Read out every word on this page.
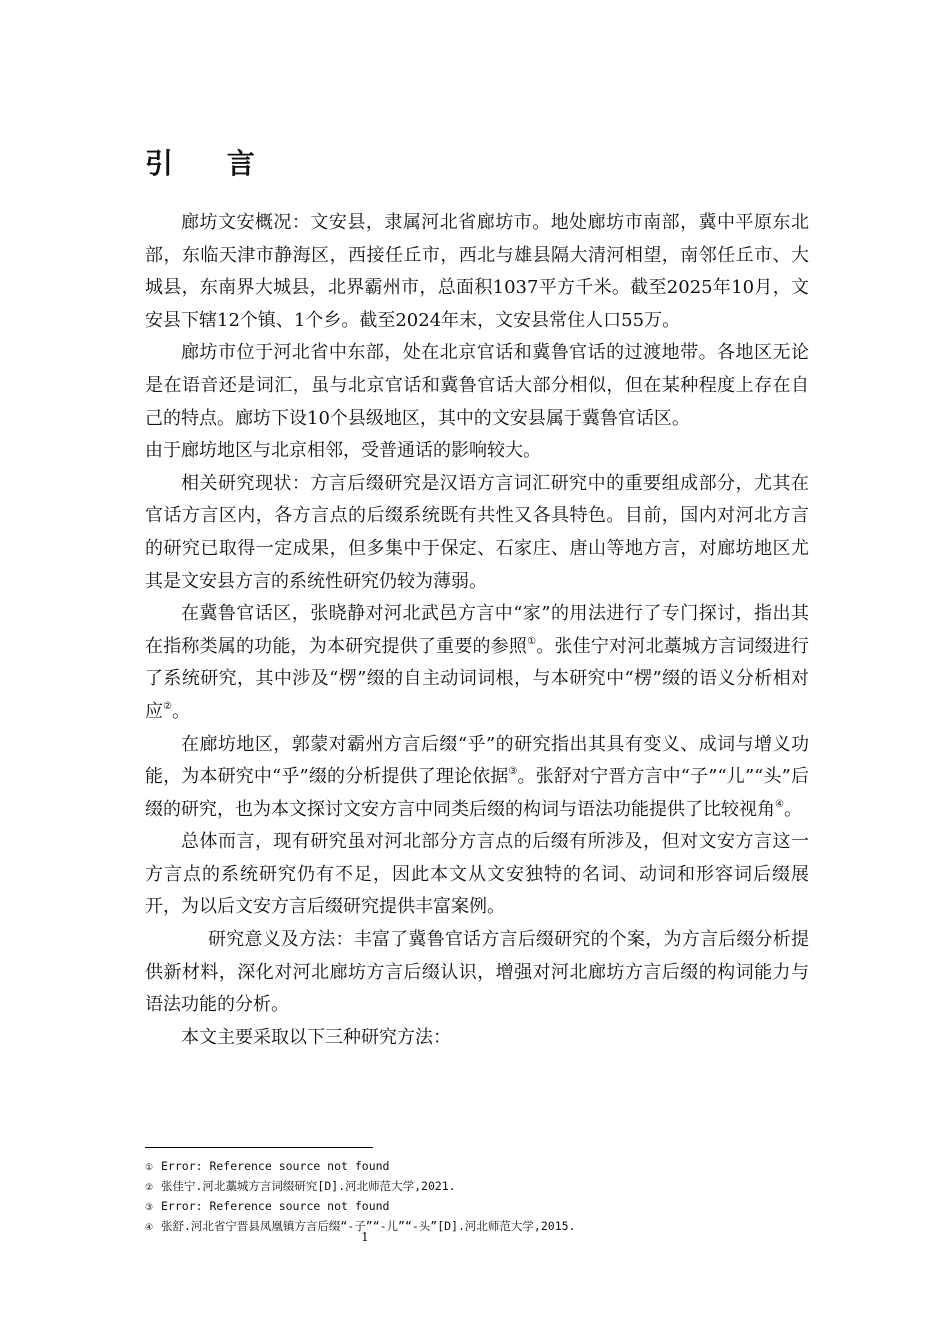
引 言

廊坊文安概况：文安县，隶属河北省廊坊市。地处廊坊市南部，冀中平原东北部，东临天津市静海区，西接任丘市，西北与雄县隔大清河相望，南邻任丘市、大城县，东南界大城县，北界霸州市，总面积1037平方千米。截至2025年10月，文安县下辖12个镇、1个乡。截至2024年末，文安县常住人口55万。

廊坊市位于河北省中东部，处在北京官话和冀鲁官话的过渡地带。各地区无论是在语音还是词汇，虽与北京官话和冀鲁官话大部分相似，但在某种程度上存在自己的特点。廊坊下设10个县级地区，其中的文安县属于冀鲁官话区。

由于廊坊地区与北京相邻，受普通话的影响较大。

相关研究现状：方言后缀研究是汉语方言词汇研究中的重要组成部分，尤其在官话方言区内，各方言点的后缀系统既有共性又各具特色。目前，国内对河北方言的研究已取得一定成果，但多集中于保定、石家庄、唐山等地方言，对廊坊地区尤其是文安县方言的系统性研究仍较为薄弱。

在冀鲁官话区，张晓静对河北武邑方言中“家”的用法进行了专门探讨，指出其在指称类属的功能，为本研究提供了重要的参照①。张佳宁对河北藁城方言词缀进行了系统研究，其中涉及“楞”缀的自主动词词根，与本研究中“楞”缀的语义分析相对应②。

在廊坊地区，郭蒙对霸州方言后缀“乎”的研究指出其具有变义、成词与增义功能，为本研究中“乎”缀的分析提供了理论依据③。张舒对宁晋方言中“子”“儿”“头”后缀的研究，也为本文探讨文安方言中同类后缀的构词与语法功能提供了比较视角④。

总体而言，现有研究虽对河北部分方言点的后缀有所涉及，但对文安方言这一方言点的系统研究仍有不足，因此本文从文安独特的名词、动词和形容词后缀展开，为以后文安方言后缀研究提供丰富案例。

研究意义及方法：丰富了冀鲁官话方言后缀研究的个案，为方言后缀分析提供新材料，深化对河北廊坊方言后缀认识，增强对河北廊坊方言后缀的构词能力与语法功能的分析。

本文主要采取以下三种研究方法：

① Error: Reference source not found
② 张佳宁.河北藁城方言词缀研究[D].河北师范大学,2021.
③ Error: Reference source not found
④ 张舒.河北省宁晋县凤凰镇方言后缀“-子”“-儿”“-头”[D].河北师范大学,2015.
1
